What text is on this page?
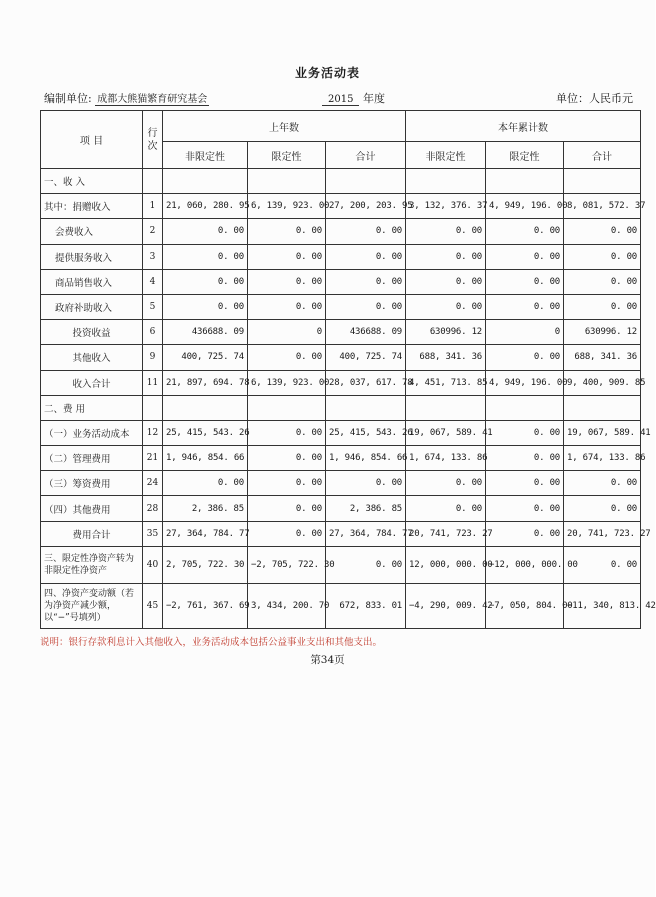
业务活动表
编制单位: 成都大熊猫繁育研究基会	2015 年度	单位：人民币元
项 目	行次	上年数			本年累计数		
		非限定性	限定性	合计	非限定性	限定性	合计
一、收 入							
其中：捐赠收入	1	21, 060, 280. 95	6, 139, 923. 00	27, 200, 203. 95	3, 132, 376. 37	4, 949, 196. 00	8, 081, 572. 37
会费收入	2	0. 00	0. 00	0. 00	0. 00	0. 00	0. 00
提供服务收入	3	0. 00	0. 00	0. 00	0. 00	0. 00	0. 00
商品销售收入	4	0. 00	0. 00	0. 00	0. 00	0. 00	0. 00
政府补助收入	5	0. 00	0. 00	0. 00	0. 00	0. 00	0. 00
投资收益	6	436688. 09	0	436688. 09	630996. 12	0	630996. 12
其他收入	9	400, 725. 74	0. 00	400, 725. 74	688, 341. 36	0. 00	688, 341. 36
收入合计	11	21, 897, 694. 78	6, 139, 923. 00	28, 037, 617. 78	4, 451, 713. 85	4, 949, 196. 00	9, 400, 909. 85
二、费 用							
（一）业务活动成本	12	25, 415, 543. 26	0. 00	25, 415, 543. 26	19, 067, 589. 41	0. 00	19, 067, 589. 41
（二）管理费用	21	1, 946, 854. 66	0. 00	1, 946, 854. 66	1, 674, 133. 86	0. 00	1, 674, 133. 86
（三）筹资费用	24	0. 00	0. 00	0. 00	0. 00	0. 00	0. 00
（四）其他费用	28	2, 386. 85	0. 00	2, 386. 85	0. 00	0. 00	0. 00
费用合计	35	27, 364, 784. 77	0. 00	27, 364, 784. 77	20, 741, 723. 27	0. 00	20, 741, 723. 27
三、限定性净资产转为非限定性净资产	40	2, 705, 722. 30	−2, 705, 722. 30	0. 00	12, 000, 000. 00	−12, 000, 000. 00	0. 00
四、净资产变动额（若为净资产减少额，以“−”号填列）	45	−2, 761, 367. 69	3, 434, 200. 70	672, 833. 01	−4, 290, 009. 42	−7, 050, 804. 00	−11, 340, 813. 42
说明：银行存款利息计入其他收入，业务活动成本包括公益事业支出和其他支出。
第34页
